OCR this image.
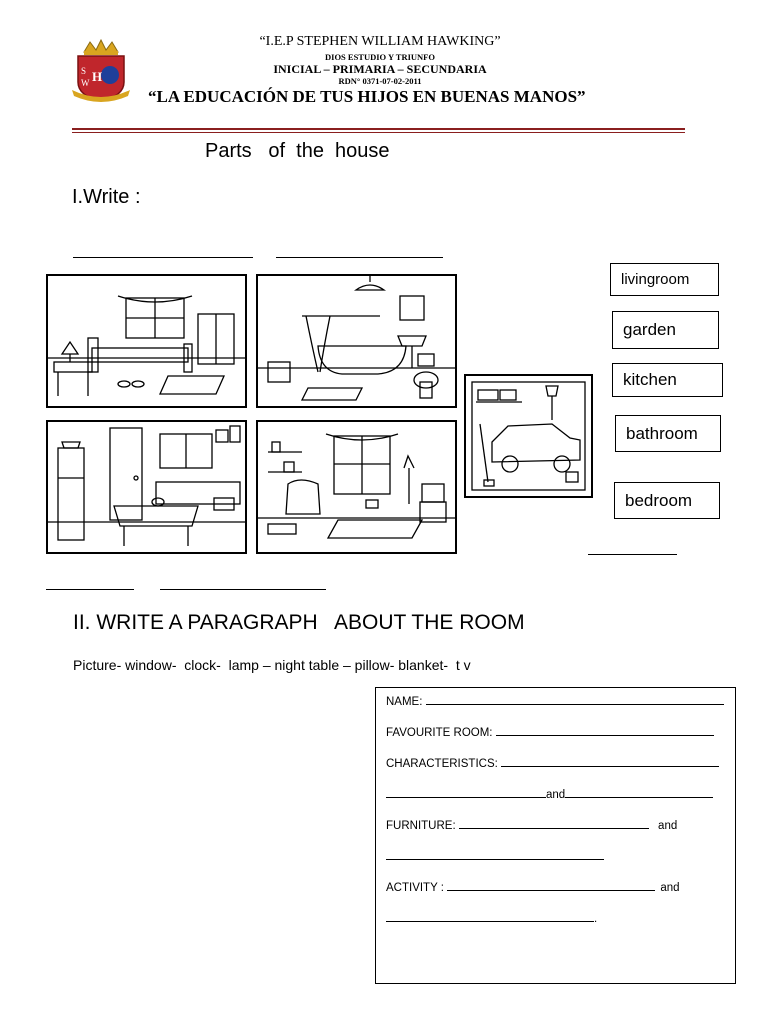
S
W H
“I.E.P STEPHEN WILLIAM HAWKING”
DIOS ESTUDIO Y TRIUNFO
INICIAL – PRIMARIA – SECUNDARIA
RDN° 0371-07-02-2011
“LA EDUCACIÓN DE TUS HIJOS EN BUENAS MANOS”
Parts   of  the  house
I.Write :
livingroom
garden
kitchen
bathroom
bedroom
II. WRITE A PARAGRAPH   ABOUT THE ROOM
Picture- window-  clock-  lamp – night table – pillow- blanket-  t v
NAME:
FAVOURITE ROOM:
CHARACTERISTICS:
and
FURNITURE:	and
ACTIVITY :	and
.
